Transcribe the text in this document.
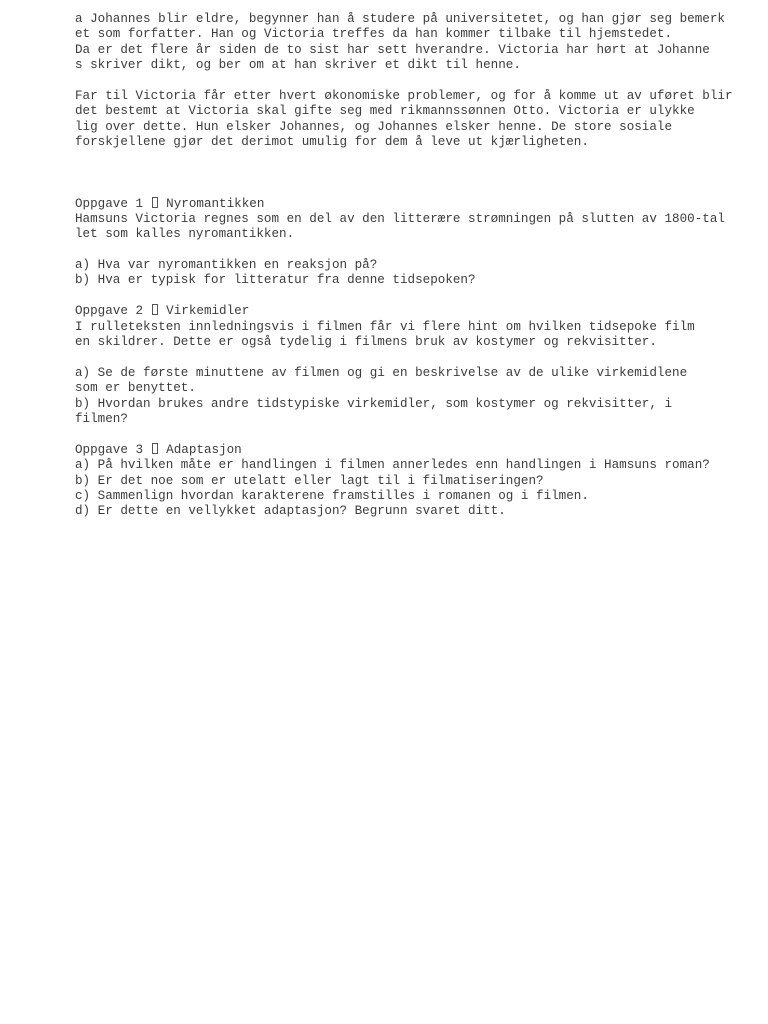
a Johannes blir eldre, begynner han å studere på universitetet, og han gjør seg bemerk
et som forfatter. Han og Victoria treffes da han kommer tilbake til hjemstedet.
Da er det flere år siden de to sist har sett hverandre. Victoria har hørt at Johanne
s skriver dikt, og ber om at han skriver et dikt til henne.
Far til Victoria får etter hvert økonomiske problemer, og for å komme ut av uføret blir
det bestemt at Victoria skal gifte seg med rikmannssønnen Otto. Victoria er ulykke
lig over dette. Hun elsker Johannes, og Johannes elsker henne. De store sosiale
forskjellene gjør det derimot umulig for dem å leve ut kjærligheten.
Oppgave 1 Nyromantikken
Hamsuns Victoria regnes som en del av den litterære strømningen på slutten av 1800-tal
let som kalles nyromantikken.
a) Hva var nyromantikken en reaksjon på?
b) Hva er typisk for litteratur fra denne tidsepoken?
Oppgave 2 Virkemidler
I rulleteksten innledningsvis i filmen får vi flere hint om hvilken tidsepoke film
en skildrer. Dette er også tydelig i filmens bruk av kostymer og rekvisitter.
a) Se de første minuttene av filmen og gi en beskrivelse av de ulike virkemidlene
som er benyttet.
b) Hvordan brukes andre tidstypiske virkemidler, som kostymer og rekvisitter, i
filmen?
Oppgave 3 Adaptasjon
a) På hvilken måte er handlingen i filmen annerledes enn handlingen i Hamsuns roman?
b) Er det noe som er utelatt eller lagt til i filmatiseringen?
c) Sammenlign hvordan karakterene framstilles i romanen og i filmen.
d) Er dette en vellykket adaptasjon? Begrunn svaret ditt.
